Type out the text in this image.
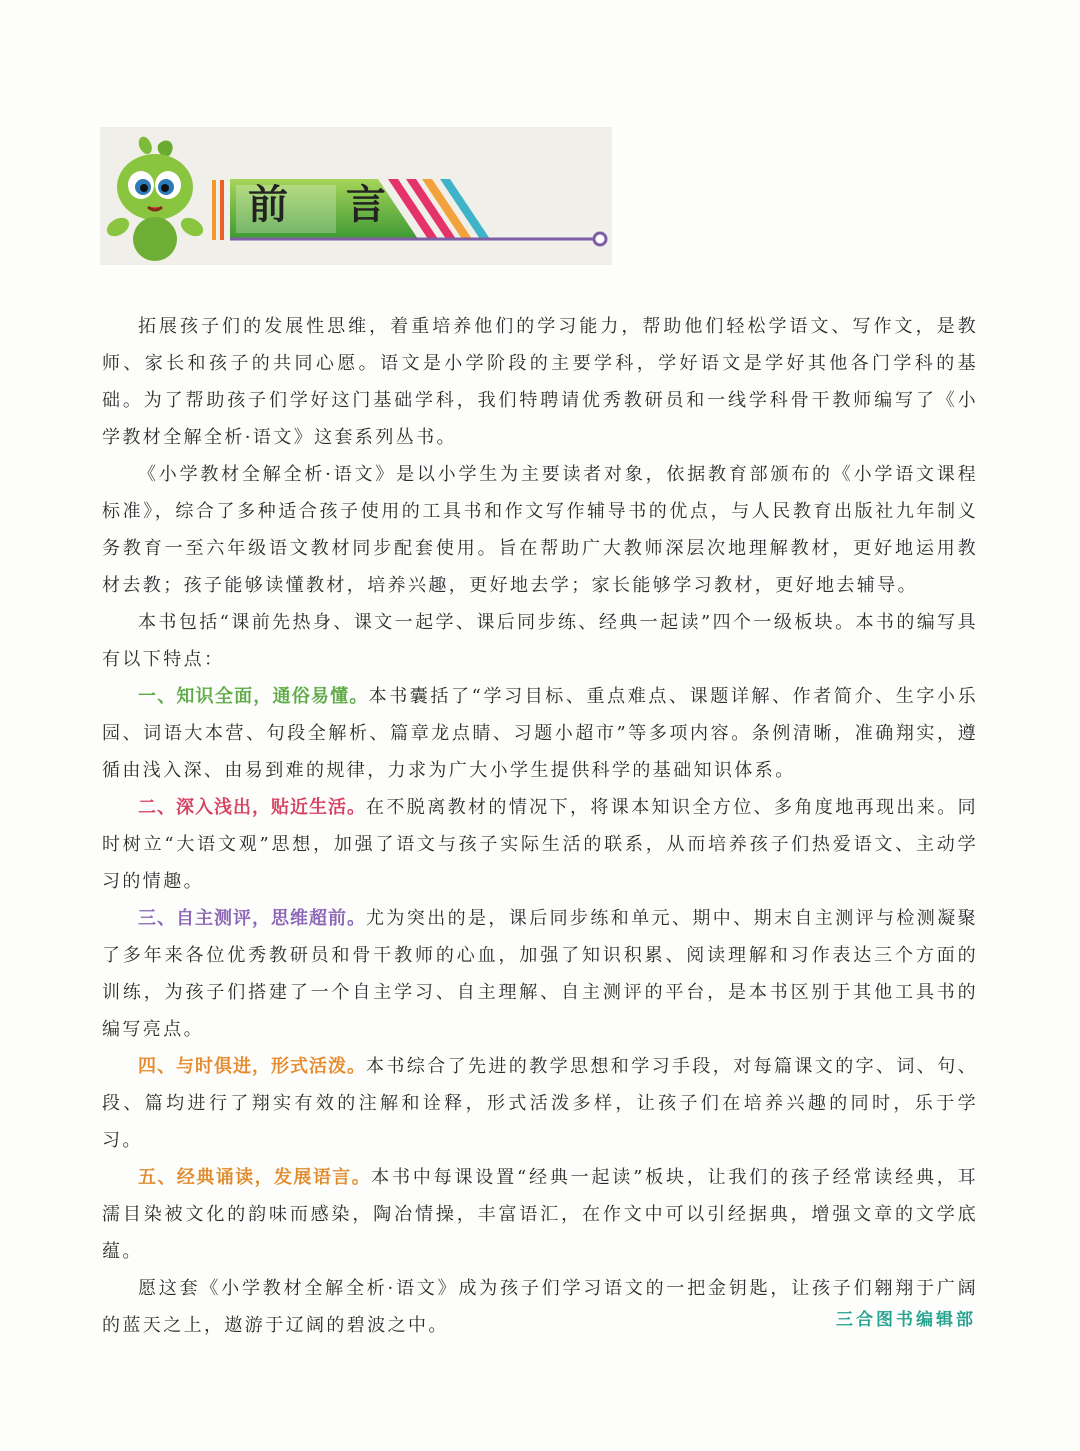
前 言

拓展孩子们的发展性思维，着重培养他们的学习能力，帮助他们轻松学语文、写作文，是教师、家长和孩子的共同心愿。语文是小学阶段的主要学科，学好语文是学好其他各门学科的基础。为了帮助孩子们学好这门基础学科，我们特聘请优秀教研员和一线学科骨干教师编写了《小学教材全解全析·语文》这套系列丛书。

《小学教材全解全析·语文》是以小学生为主要读者对象，依据教育部颁布的《小学语文课程标准》，综合了多种适合孩子使用的工具书和作文写作辅导书的优点，与人民教育出版社九年制义务教育一至六年级语文教材同步配套使用。旨在帮助广大教师深层次地理解教材，更好地运用教材去教；孩子能够读懂教材，培养兴趣，更好地去学；家长能够学习教材，更好地去辅导。

本书包括“课前先热身、课文一起学、课后同步练、经典一起读”四个一级板块。本书的编写具有以下特点：

一、知识全面，通俗易懂。本书囊括了“学习目标、重点难点、课题详解、作者简介、生字小乐园、词语大本营、句段全解析、篇章龙点睛、习题小超市”等多项内容。条例清晰，准确翔实，遵循由浅入深、由易到难的规律，力求为广大小学生提供科学的基础知识体系。

二、深入浅出，贴近生活。在不脱离教材的情况下，将课本知识全方位、多角度地再现出来。同时树立“大语文观”思想，加强了语文与孩子实际生活的联系，从而培养孩子们热爱语文、主动学习的情趣。

三、自主测评，思维超前。尤为突出的是，课后同步练和单元、期中、期末自主测评与检测凝聚了多年来各位优秀教研员和骨干教师的心血，加强了知识积累、阅读理解和习作表达三个方面的训练，为孩子们搭建了一个自主学习、自主理解、自主测评的平台，是本书区别于其他工具书的编写亮点。

四、与时俱进，形式活泼。本书综合了先进的教学思想和学习手段，对每篇课文的字、词、句、段、篇均进行了翔实有效的注解和诠释，形式活泼多样，让孩子们在培养兴趣的同时，乐于学习。

五、经典诵读，发展语言。本书中每课设置“经典一起读”板块，让我们的孩子经常读经典，耳濡目染被文化的韵味而感染，陶冶情操，丰富语汇，在作文中可以引经据典，增强文章的文学底蕴。

愿这套《小学教材全解全析·语文》成为孩子们学习语文的一把金钥匙，让孩子们翱翔于广阔的蓝天之上，遨游于辽阔的碧波之中。	三合图书编辑部
